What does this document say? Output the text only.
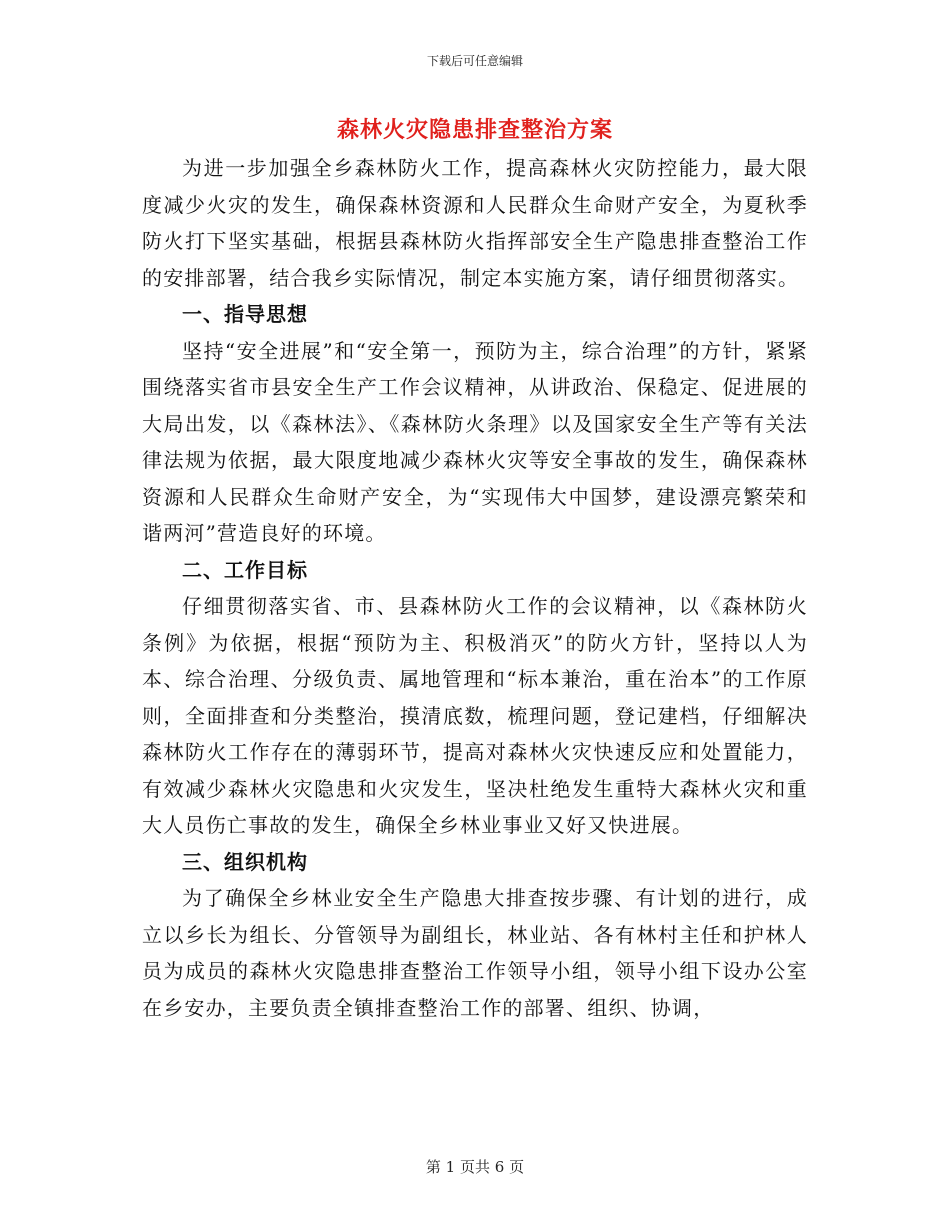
下载后可任意编辑
森林火灾隐患排查整治方案

为进一步加强全乡森林防火工作，提高森林火灾防控能力，最大限度减少火灾的发生，确保森林资源和人民群众生命财产安全，为夏秋季防火打下坚实基础，根据县森林防火指挥部安全生产隐患排查整治工作的安排部署，结合我乡实际情况，制定本实施方案，请仔细贯彻落实。

一、指导思想

坚持“安全进展”和“安全第一，预防为主，综合治理”的方针，紧紧围绕落实省市县安全生产工作会议精神，从讲政治、保稳定、促进展的大局出发，以《森林法》、《森林防火条理》以及国家安全生产等有关法律法规为依据，最大限度地减少森林火灾等安全事故的发生，确保森林资源和人民群众生命财产安全，为“实现伟大中国梦，建设漂亮繁荣和谐两河”营造良好的环境。

二、工作目标

仔细贯彻落实省、市、县森林防火工作的会议精神，以《森林防火条例》为依据，根据“预防为主、积极消灭”的防火方针，坚持以人为本、综合治理、分级负责、属地管理和“标本兼治，重在治本”的工作原则，全面排查和分类整治，摸清底数，梳理问题，登记建档，仔细解决森林防火工作存在的薄弱环节，提高对森林火灾快速反应和处置能力，有效减少森林火灾隐患和火灾发生，坚决杜绝发生重特大森林火灾和重大人员伤亡事故的发生，确保全乡林业事业又好又快进展。

三、组织机构

为了确保全乡林业安全生产隐患大排查按步骤、有计划的进行，成立以乡长为组长、分管领导为副组长，林业站、各有林村主任和护林人员为成员的森林火灾隐患排查整治工作领导小组，领导小组下设办公室在乡安办，主要负责全镇排查整治工作的部署、组织、协调，

第 1 页共 6 页
